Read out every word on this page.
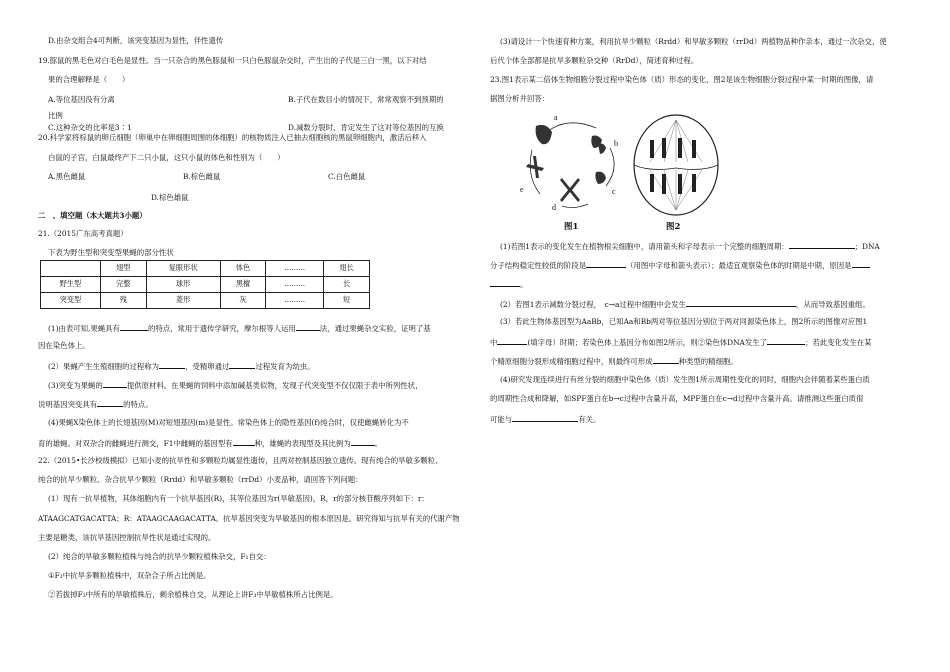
D.由杂交组合4可判断，该突变基因为显性，伴性遗传
19.豚鼠的黑毛色对白毛色是显性。当一只杂合的黑色豚鼠和一只白色豚鼠杂交时，产生出的子代是三白一黑，以下对结
果的合理解释是（　　）
A.等位基因没有分离	B.子代在数目小的情况下，常常观察不到预期的
比例
C.这种杂交的比率是3∶1	D.减数分裂时，肯定发生了这对等位基因的互换
20.科学家将棕鼠的卵丘细胞（卵巢中在卵细胞周围的体细胞）的核物质注入已抽去细胞核的黑鼠卵细胞内，激活后移入
白鼠的子宫，白鼠最终产下二只小鼠，这只小鼠的体色和性别为（　　）
A.黑色雌鼠	B.棕色雌鼠	C.白色雌鼠
D.棕色雄鼠
二　、填空题（本大题共3小题）
21.（2015广东高考真题）
下表为野生型和突变型果蝇的部分性状
	翅型	复眼形状	体色	.........	翅长
野生型	完整	球形	黑檀	.........	长
突变型	残	菱形	灰	.........	短
(1)由表可知,果蝇具有	的特点，常用于遗传学研究，摩尔根等人运用	法，通过果蝇杂交实验，证明了基
因在染色体上。
(2）果蝇产生生殖细胞的过程称为	，受精卵通过	过程发育为幼虫。
(3)突变为果蝇的	提供原材料。在果蝇的饲料中添加碱基类似物，发现子代突变型不仅仅限于表中所列性状，
说明基因突变具有	的特点。
(4)果蝇X染色体上的长翅基因(M)对短翅基因(m)是显性。常染色体上的隐性基因(f)纯合时，仅使雌蝇转化为不
育的雄蝇。对双杂合的雌蝇进行测交，F1中雌蝇的基因型有	种，雄蝇的表现型及其比例为	。
22.（2015•长沙校级模拟）已知小麦的抗旱性和多颗粒均属显性遗传，且两对控制基因独立遗传。现有纯合的旱敏多颗粒、
纯合的抗旱少颗粒、杂合抗旱少颗粒（Rrdd）和旱敏多颗粒（rrDd）小麦品种，请回答下列问题：
(1）现有一抗旱植物，其体细胞内有一个抗旱基因(R)，其等位基因为r(旱敏基因)，R，r的部分核苷酸序列如下：r：
ATAAGCATGACATTA；R：ATAAGCAAGACATTA。抗旱基因突变为旱敏基因的根本原因是。研究得知与抗旱有关的代谢产物
主要是糖类，该抗旱基因控制抗旱性状是通过实现的。
(2）纯合的旱敏多颗粒植株与纯合的抗旱少颗粒植株杂交，F₁自交：
①F₂中抗旱多颗粒植株中，双杂合子所占比例是。
②若拔掉F₂中所有的旱敏植株后，剩余植株自交，从理论上讲F₃中旱敏植株所占比例是。
(3)请设计一个快速育种方案，利用抗旱少颗粒（Rrdd）和旱敏多颗粒（rrDd）两植物品种作亲本，通过一次杂交，使
后代个体全部都是抗旱多颗粒杂交种（RrDd），简述育种过程。
23.图1表示某二倍体生物细胞分裂过程中染色体（质）形态的变化，图2是该生物细胞分裂过程中某一时期的图像，请
据图分析并回答：
a
b
c
d
e
图1	图2
(1)若图1表示的变化发生在植物根尖细胞中，请用箭头和字母表示一个完整的细胞周期：	；DNA
分子结构稳定性较低的阶段是	（用图中字母和箭头表示）；最适宜观察染色体的时期是中期，原因是
。
(2）若图1表示减数分裂过程，　c→a过程中细胞中会发生	，从而导致基因重组。
(3）若此生物体基因型为AaBb，已知Aa和Bb两对等位基因分别位于两对同源染色体上，图2所示的图像对应图1
中	(填字母）时期；若染色体上基因分布如图2所示，则②染色体DNA发生了	；若此变化发生在某
个精原细胞分裂形成精细胞过程中，则最终可形成	种类型的精细胞。
(4)研究发现连续进行有丝分裂的细胞中染色体（质）发生图1所示周期性变化的同时，细胞内会伴随着某些蛋白质
的周期性合成和降解，如SPF蛋白在b→c过程中含量升高，MPF蛋白在c→d过程中含量升高。请推测这些蛋白质很
可能与	有关。
